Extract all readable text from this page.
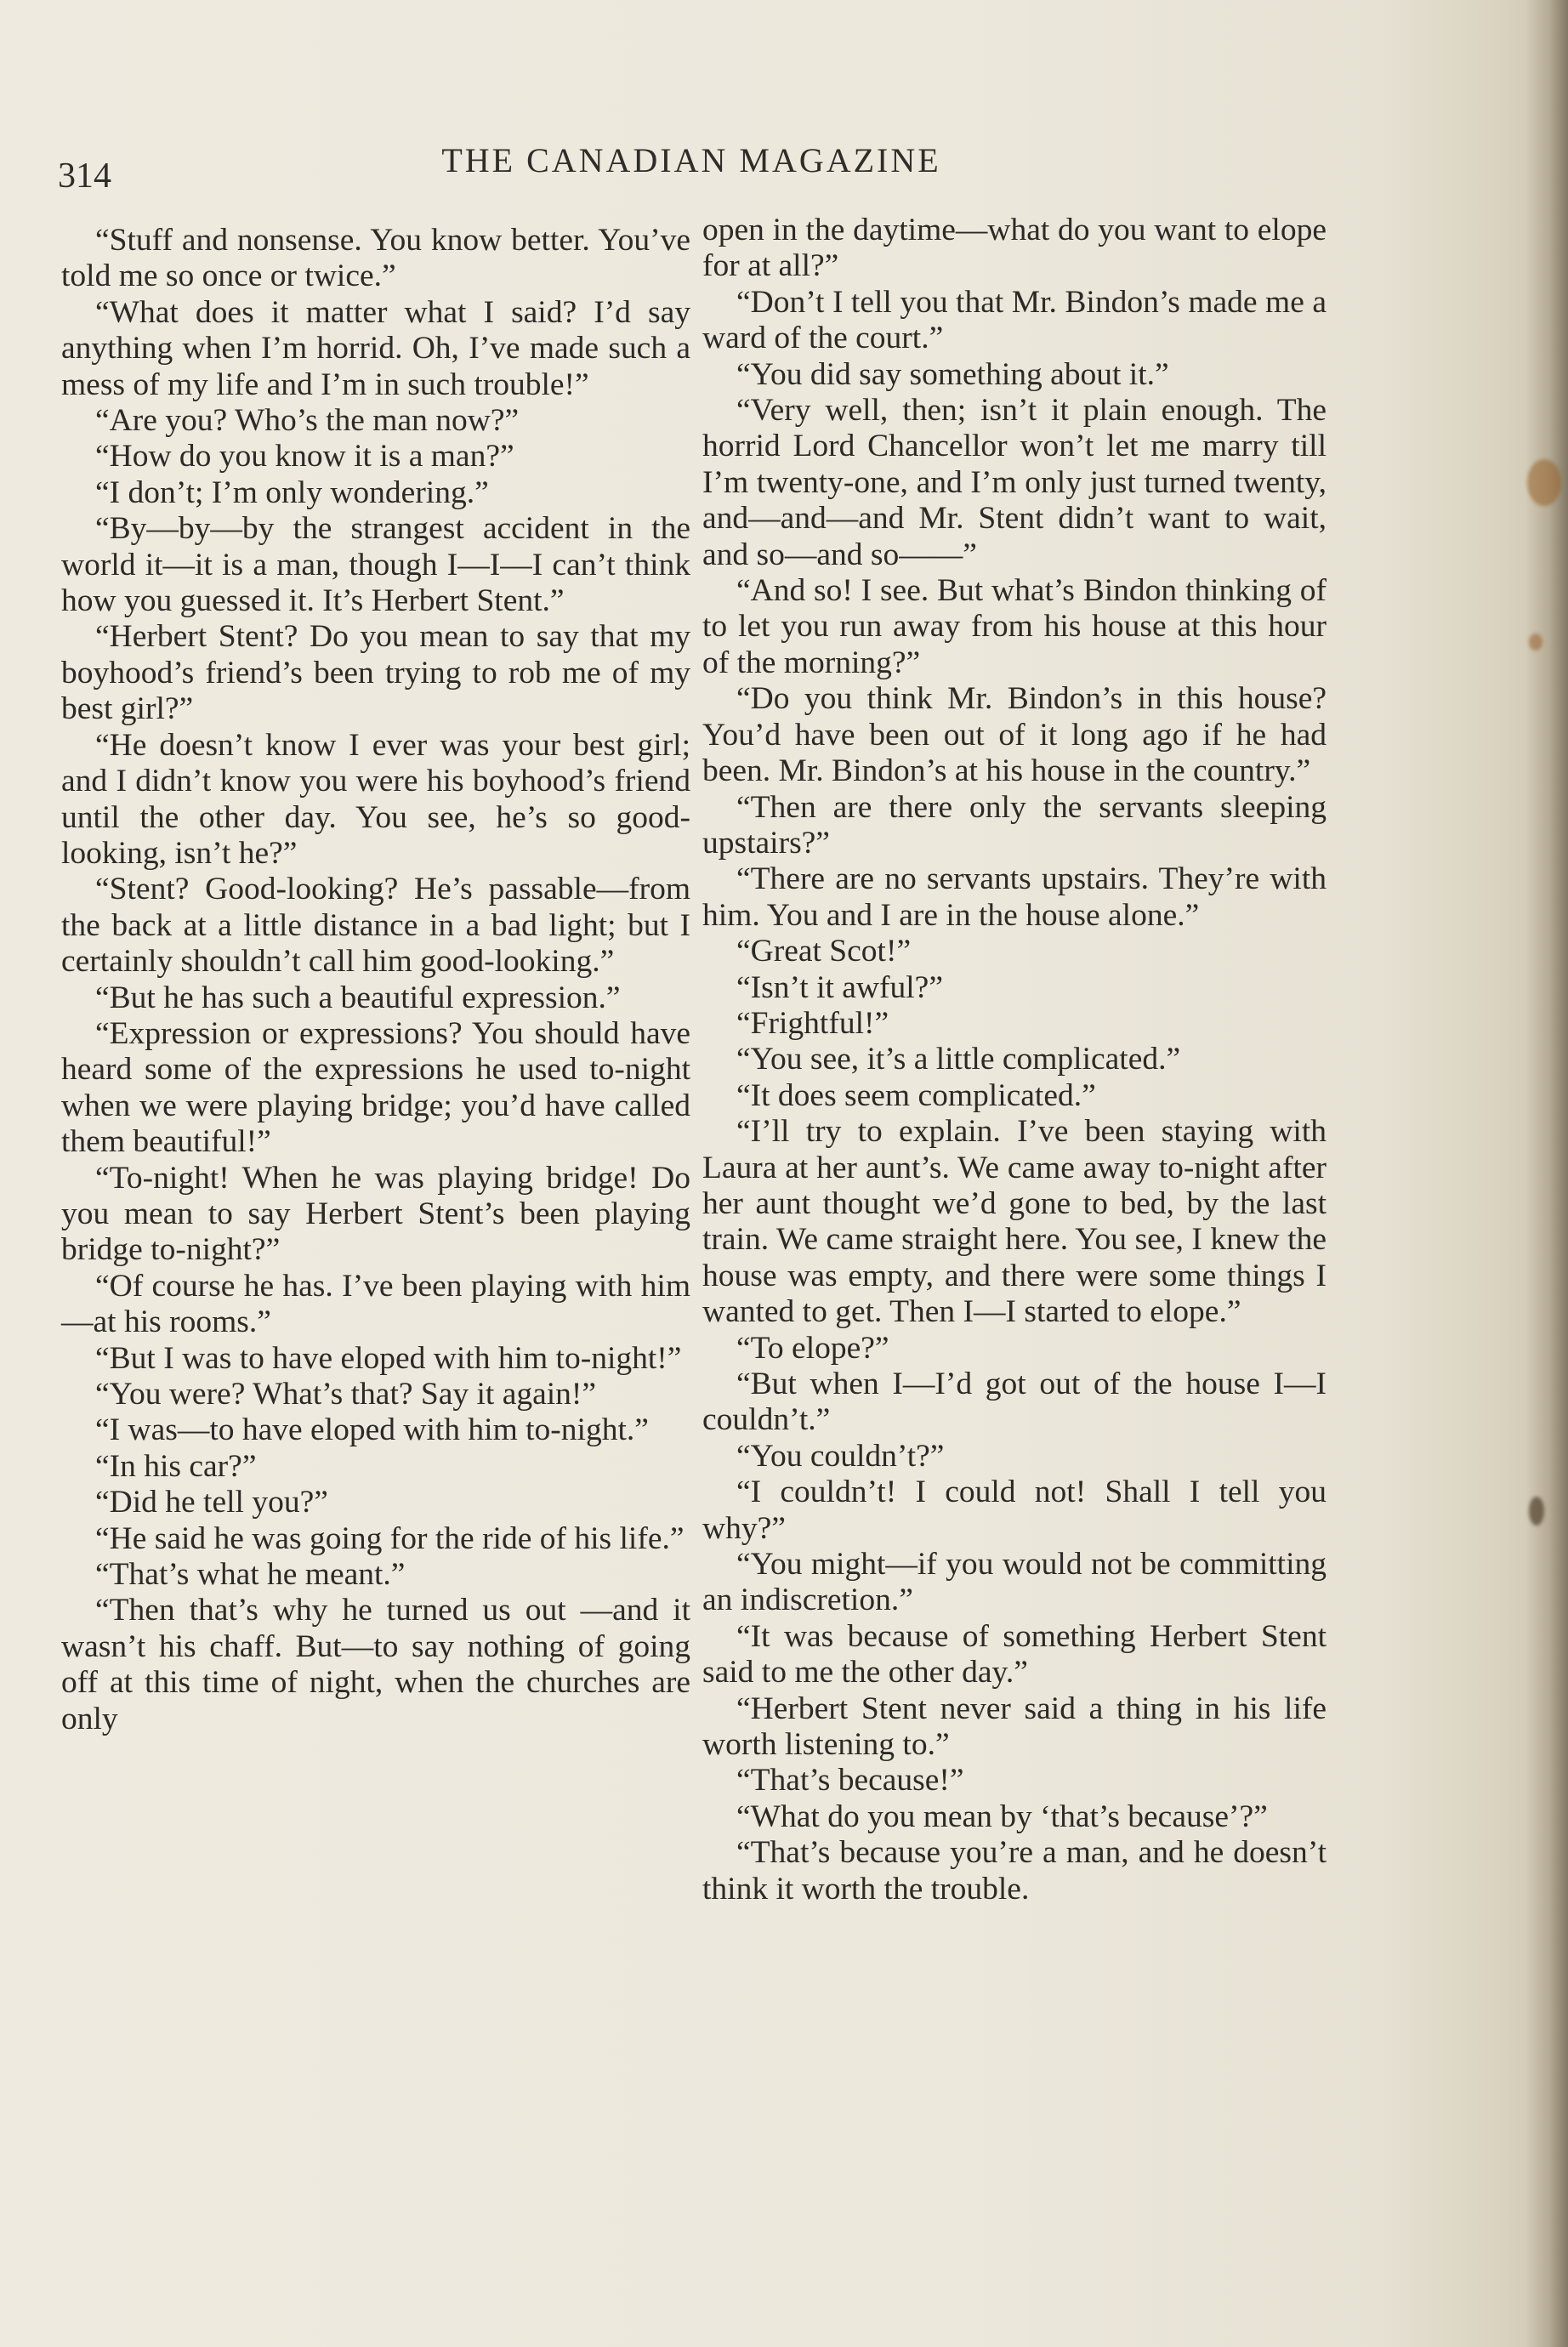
314	THE CANADIAN MAGAZINE

“Stuff and nonsense. You know better. You’ve told me so once or twice.”

“What does it matter what I said? I’d say anything when I’m horrid. Oh, I’ve made such a mess of my life and I’m in such trouble!”

“Are you? Who’s the man now?”

“How do you know it is a man?”

“I don’t; I’m only wondering.”

“By—by—by the strangest accident in the world it—it is a man, though I—I—I can’t think how you guessed it. It’s Herbert Stent.”

“Herbert Stent? Do you mean to say that my boyhood’s friend’s been trying to rob me of my best girl?”

“He doesn’t know I ever was your best girl; and I didn’t know you were his boyhood’s friend until the other day. You see, he’s so good-looking, isn’t he?”

“Stent? Good-looking? He’s passable—from the back at a little distance in a bad light; but I certainly shouldn’t call him good-looking.”

“But he has such a beautiful expression.”

“Expression or expressions? You should have heard some of the expressions he used to-night when we were playing bridge; you’d have called them beautiful!”

“To-night! When he was playing bridge! Do you mean to say Herbert Stent’s been playing bridge to-night?”

“Of course he has. I’ve been playing with him—at his rooms.”

“But I was to have eloped with him to-night!”

“You were? What’s that? Say it again!”

“I was—to have eloped with him to-night.”

“In his car?”

“Did he tell you?”

“He said he was going for the ride of his life.”

“That’s what he meant.”

“Then that’s why he turned us out —and it wasn’t his chaff. But—to say nothing of going off at this time of night, when the churches are only

open in the daytime—what do you want to elope for at all?”

“Don’t I tell you that Mr. Bindon’s made me a ward of the court.”

“You did say something about it.”

“Very well, then; isn’t it plain enough. The horrid Lord Chancellor won’t let me marry till I’m twenty-one, and I’m only just turned twenty, and—and—and Mr. Stent didn’t want to wait, and so—and so——”

“And so! I see. But what’s Bindon thinking of to let you run away from his house at this hour of the morning?”

“Do you think Mr. Bindon’s in this house? You’d have been out of it long ago if he had been. Mr. Bindon’s at his house in the country.”

“Then are there only the servants sleeping upstairs?”

“There are no servants upstairs. They’re with him. You and I are in the house alone.”

“Great Scot!”

“Isn’t it awful?”

“Frightful!”

“You see, it’s a little complicated.”

“It does seem complicated.”

“I’ll try to explain. I’ve been staying with Laura at her aunt’s. We came away to-night after her aunt thought we’d gone to bed, by the last train. We came straight here. You see, I knew the house was empty, and there were some things I wanted to get. Then I—I started to elope.”

“To elope?”

“But when I—I’d got out of the house I—I couldn’t.”

“You couldn’t?”

“I couldn’t! I could not! Shall I tell you why?”

“You might—if you would not be committing an indiscretion.”

“It was because of something Herbert Stent said to me the other day.”

“Herbert Stent never said a thing in his life worth listening to.”

“That’s because!”

“What do you mean by ‘that’s because’?”

“That’s because you’re a man, and he doesn’t think it worth the trouble.
